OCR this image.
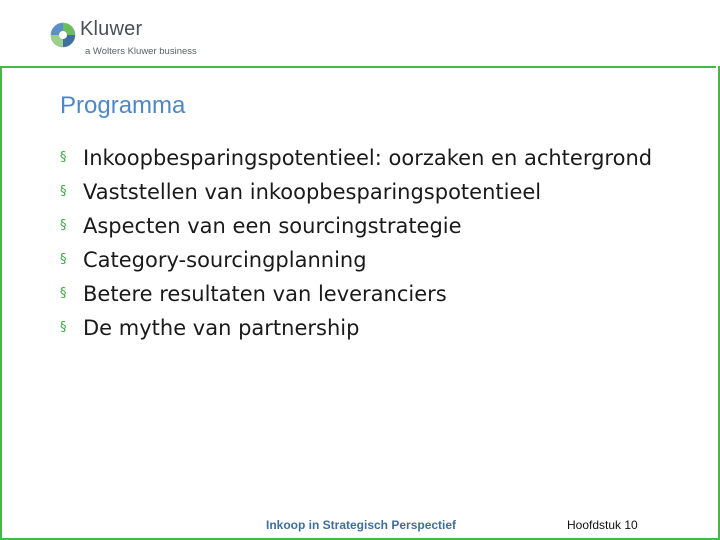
Kluwer
a Wolters Kluwer business
Programma
§ Inkoopbesparingspotentieel: oorzaken en achtergrond
§ Vaststellen van inkoopbesparingspotentieel
§ Aspecten van een sourcingstrategie
§ Category-sourcingplanning
§ Betere resultaten van leveranciers
§ De mythe van partnership
Inkoop in Strategisch Perspectief	Hoofdstuk 10
